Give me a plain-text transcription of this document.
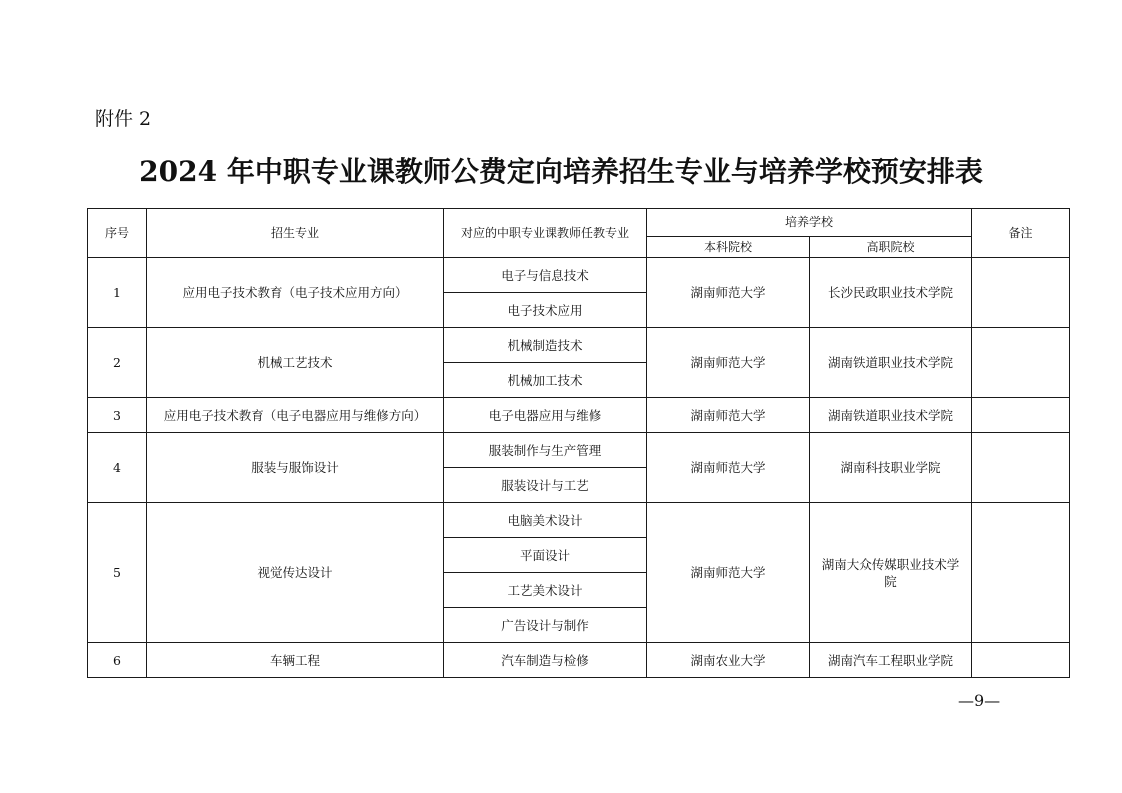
附件 2
2024 年中职专业课教师公费定向培养招生专业与培养学校预安排表
序号	招生专业	对应的中职专业课教师任教专业	培养学校		备注
			本科院校	高职院校	
1	应用电子技术教育（电子技术应用方向）	电子与信息技术	湖南师范大学	长沙民政职业技术学院	
		电子技术应用			
2	机械工艺技术	机械制造技术	湖南师范大学	湖南铁道职业技术学院	
		机械加工技术			
3	应用电子技术教育（电子电器应用与维修方向）	电子电器应用与维修	湖南师范大学	湖南铁道职业技术学院	
4	服装与服饰设计	服装制作与生产管理	湖南师范大学	湖南科技职业学院	
		服装设计与工艺			
5	视觉传达设计	电脑美术设计	湖南师范大学	湖南大众传媒职业技术学院	
		平面设计			
		工艺美术设计			
		广告设计与制作			
6	车辆工程	汽车制造与检修	湖南农业大学	湖南汽车工程职业学院	
—9—
